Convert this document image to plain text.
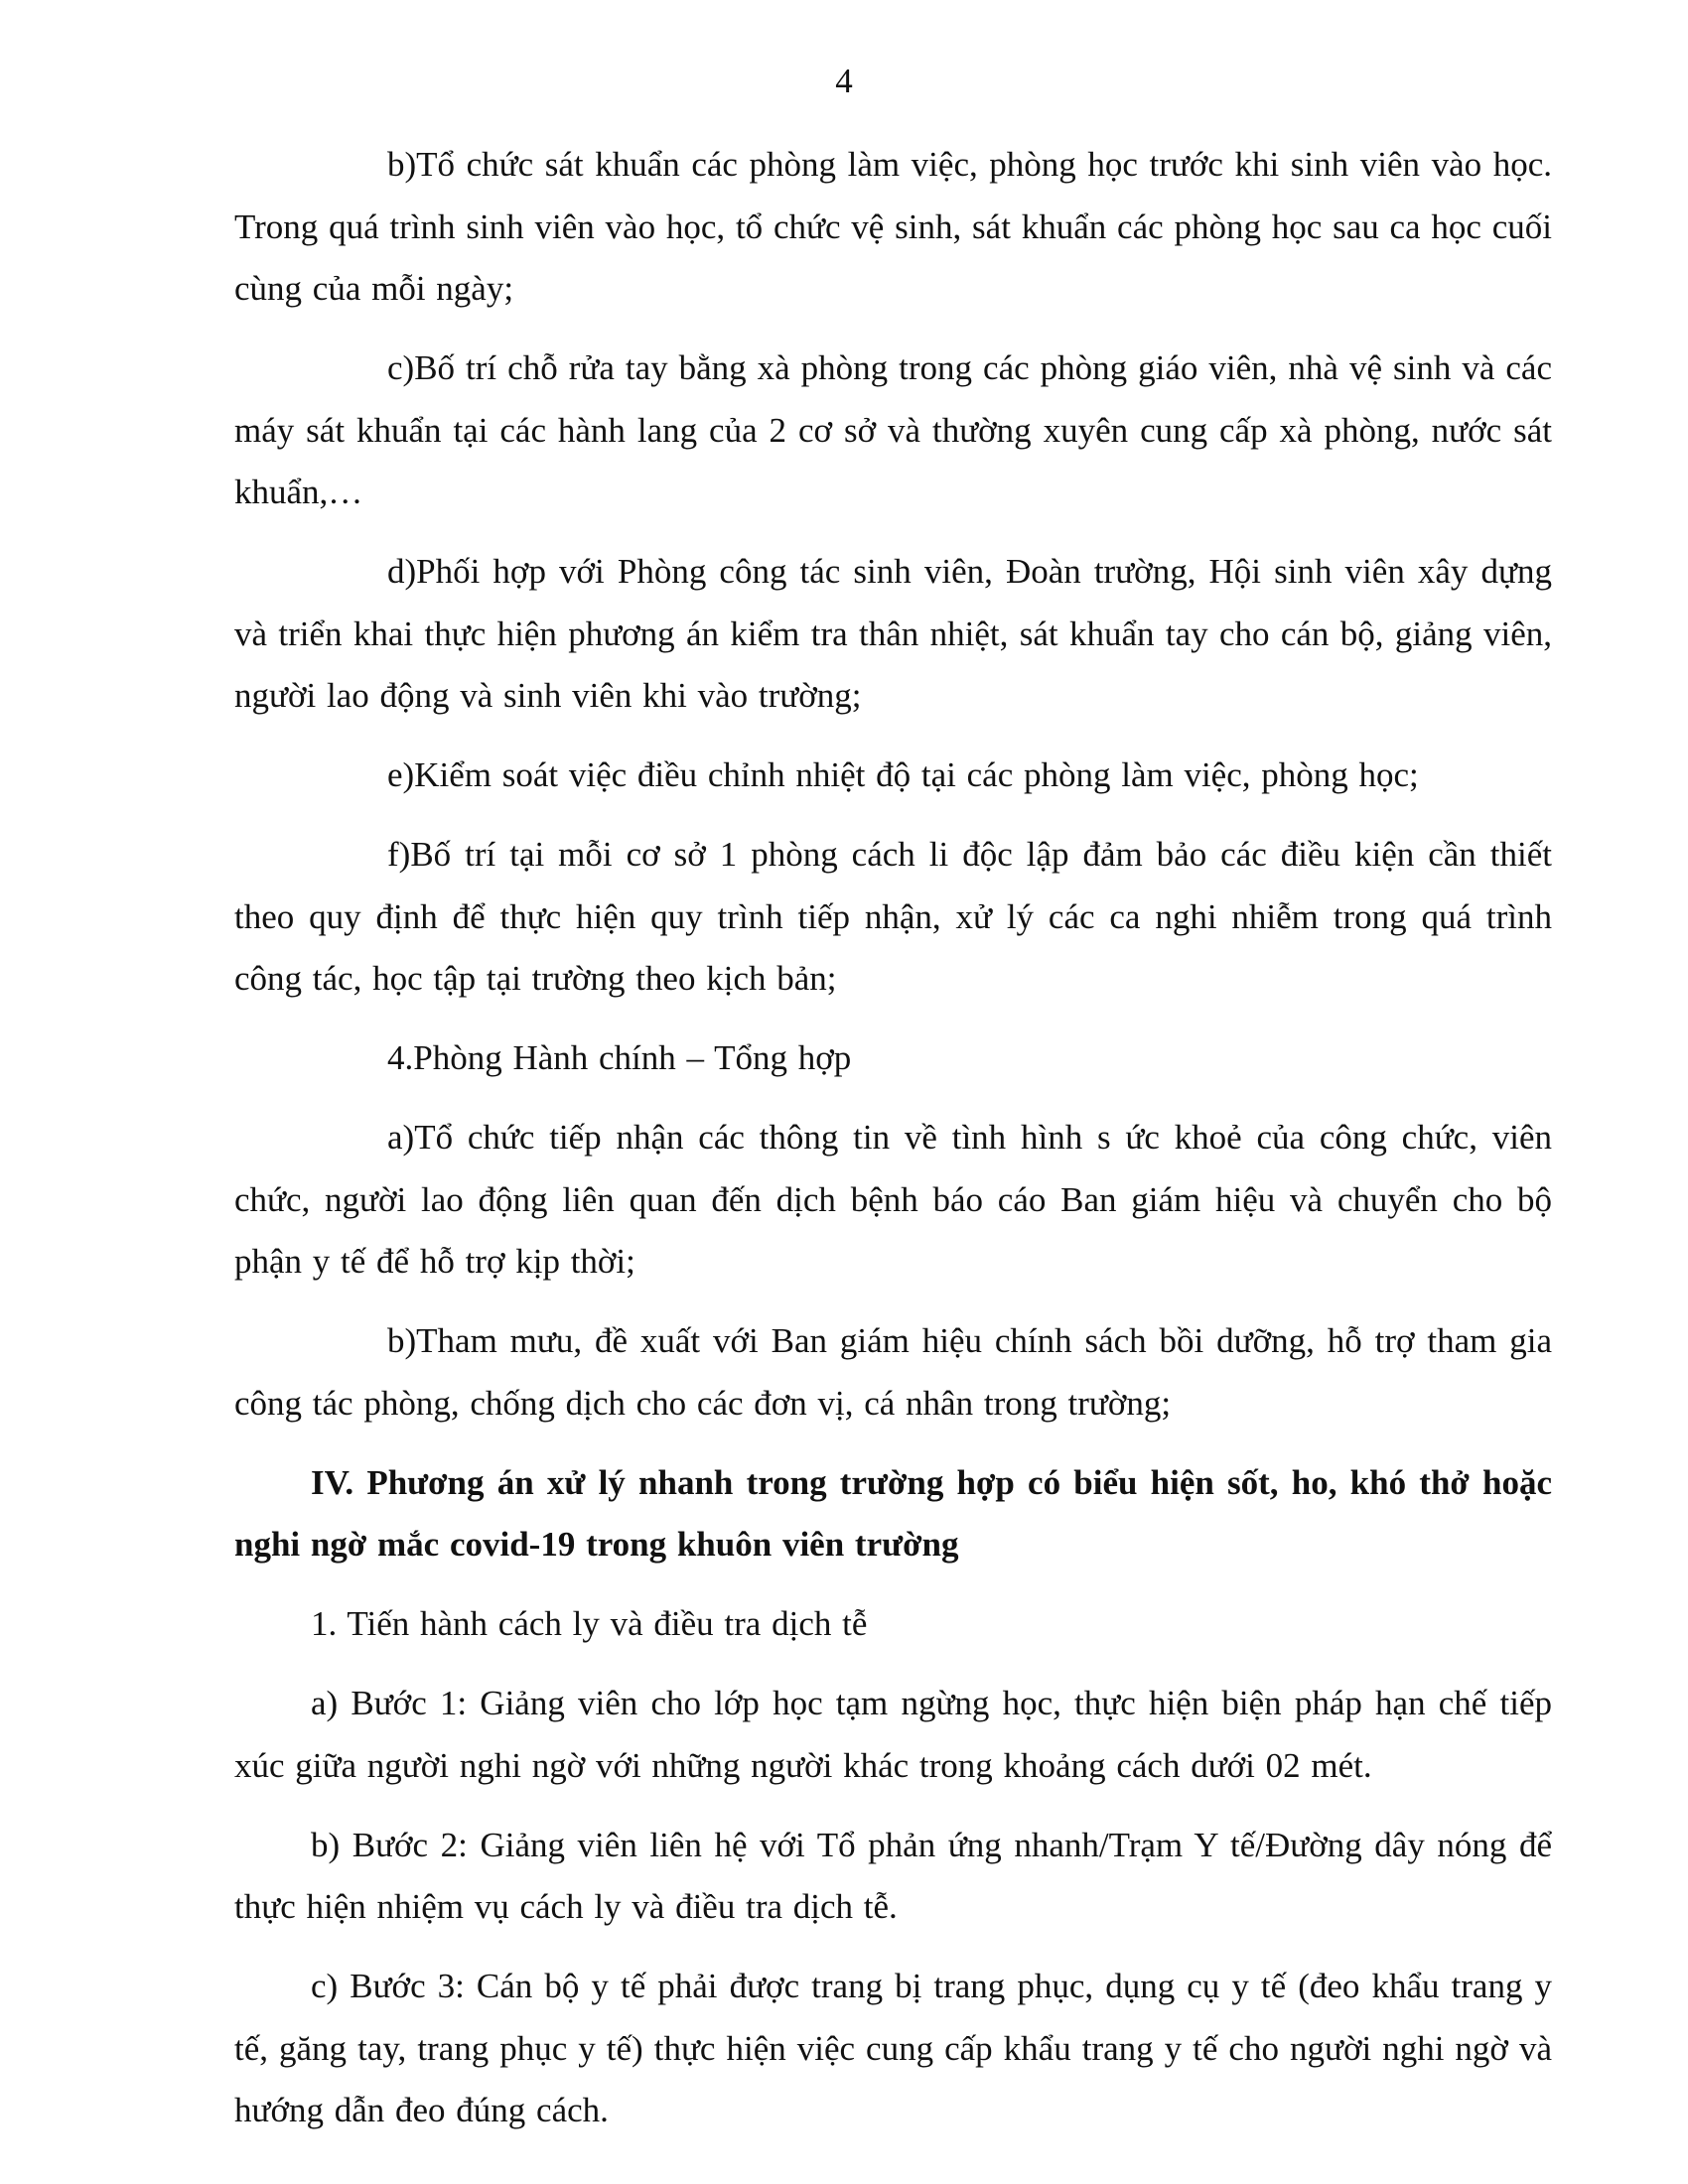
4

b)Tổ chức sát khuẩn các phòng làm việc, phòng học trước khi sinh viên vào học. Trong quá trình sinh viên vào học, tổ chức vệ sinh, sát khuẩn các phòng học sau ca học cuối cùng của mỗi ngày;

c)Bố trí chỗ rửa tay bằng xà phòng trong các phòng giáo viên, nhà vệ sinh và các máy sát khuẩn tại các hành lang của 2 cơ sở và thường xuyên cung cấp xà phòng, nước sát khuẩn,…

d)Phối hợp với Phòng công tác sinh viên, Đoàn trường, Hội sinh viên xây dựng và triển khai thực hiện phương án kiểm tra thân nhiệt, sát khuẩn tay cho cán bộ, giảng viên, người lao động và sinh viên khi vào trường;

e)Kiểm soát việc điều chỉnh nhiệt độ tại các phòng làm việc, phòng học;

f)Bố trí tại mỗi cơ sở 1 phòng cách li độc lập đảm bảo các điều kiện cần thiết theo quy định để thực hiện quy trình tiếp nhận, xử lý các ca nghi nhiễm trong quá trình công tác, học tập tại trường theo kịch bản;

4.Phòng Hành chính – Tổng hợp

a)Tổ chức tiếp nhận các thông tin về tình hình s ức khoẻ của công chức, viên chức, người lao động liên quan đến dịch bệnh báo cáo Ban giám hiệu và chuyển cho bộ phận y tế để hỗ trợ kịp thời;

b)Tham mưu, đề xuất với Ban giám hiệu chính sách bồi dưỡng, hỗ trợ tham gia công tác phòng, chống dịch cho các đơn vị, cá nhân trong trường;

IV. Phương án xử lý nhanh trong trường hợp có biểu hiện sốt, ho, khó thở hoặc nghi ngờ mắc covid-19 trong khuôn viên trường

1. Tiến hành cách ly và điều tra dịch tễ

a) Bước 1: Giảng viên cho lớp học tạm ngừng học, thực hiện biện pháp hạn chế tiếp xúc giữa người nghi ngờ với những người khác trong khoảng cách dưới 02 mét.

b) Bước 2: Giảng viên liên hệ với Tổ phản ứng nhanh/Trạm Y tế/Đường dây nóng để thực hiện nhiệm vụ cách ly và điều tra dịch tễ.

c) Bước 3: Cán bộ y tế phải được trang bị trang phục, dụng cụ y tế (đeo khẩu trang y tế, găng tay, trang phục y tế) thực hiện việc cung cấp khẩu trang y tế cho người nghi ngờ và hướng dẫn đeo đúng cách.
